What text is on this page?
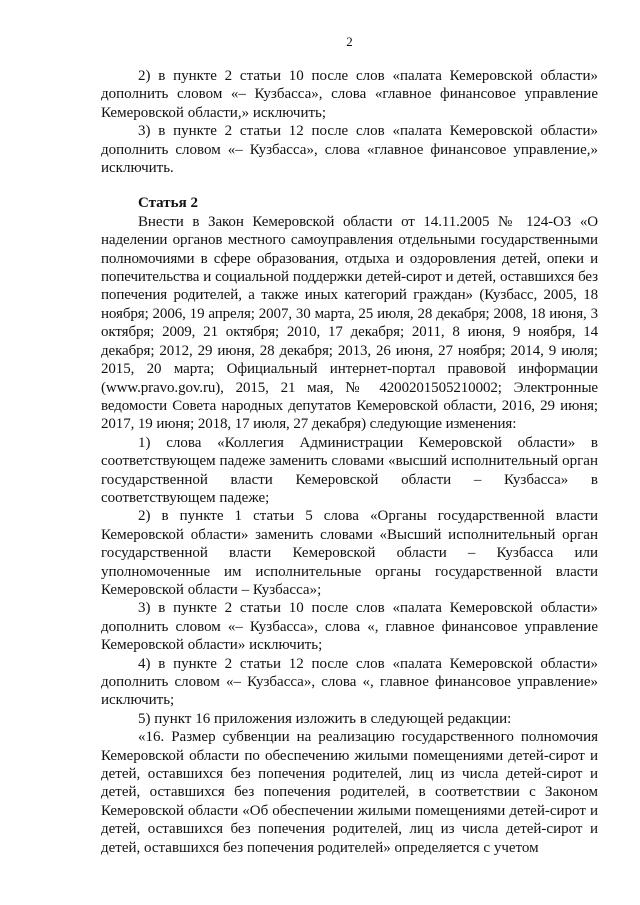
2

2) в пункте 2 статьи 10 после слов «палата Кемеровской области» дополнить словом «– Кузбасса», слова «главное финансовое управление Кемеровской области,» исключить;

3) в пункте 2 статьи 12 после слов «палата Кемеровской области» дополнить словом «– Кузбасса», слова «главное финансовое управление,» исключить.

Статья 2

Внести в Закон Кемеровской области от 14.11.2005 № 124-ОЗ «О наделении органов местного самоуправления отдельными государственными полномочиями в сфере образования, отдыха и оздоровления детей, опеки и попечительства и социальной поддержки детей-сирот и детей, оставшихся без попечения родителей, а также иных категорий граждан» (Кузбасс, 2005, 18 ноября; 2006, 19 апреля; 2007, 30 марта, 25 июля, 28 декабря; 2008, 18 июня, 3 октября; 2009, 21 октября; 2010, 17 декабря; 2011, 8 июня, 9 ноября, 14 декабря; 2012, 29 июня, 28 декабря; 2013, 26 июня, 27 ноября; 2014, 9 июля; 2015, 20 марта; Официальный интернет-портал правовой информации (www.pravo.gov.ru), 2015, 21 мая, № 4200201505210002; Электронные ведомости Совета народных депутатов Кемеровской области, 2016, 29 июня; 2017, 19 июня; 2018, 17 июля, 27 декабря) следующие изменения:

1) слова «Коллегия Администрации Кемеровской области» в соответствующем падеже заменить словами «высший исполнительный орган государственной власти Кемеровской области – Кузбасса» в соответствующем падеже;

2) в пункте 1 статьи 5 слова «Органы государственной власти Кемеровской области» заменить словами «Высший исполнительный орган государственной власти Кемеровской области – Кузбасса или уполномоченные им исполнительные органы государственной власти Кемеровской области – Кузбасса»;

3) в пункте 2 статьи 10 после слов «палата Кемеровской области» дополнить словом «– Кузбасса», слова «, главное финансовое управление Кемеровской области» исключить;

4) в пункте 2 статьи 12 после слов «палата Кемеровской области» дополнить словом «– Кузбасса», слова «, главное финансовое управление» исключить;

5) пункт 16 приложения изложить в следующей редакции:

«16. Размер субвенции на реализацию государственного полномочия Кемеровской области по обеспечению жилыми помещениями детей-сирот и детей, оставшихся без попечения родителей, лиц из числа детей-сирот и детей, оставшихся без попечения родителей, в соответствии с Законом Кемеровской области «Об обеспечении жилыми помещениями детей-сирот и детей, оставшихся без попечения родителей, лиц из числа детей-сирот и детей, оставшихся без попечения родителей» определяется с учетом
